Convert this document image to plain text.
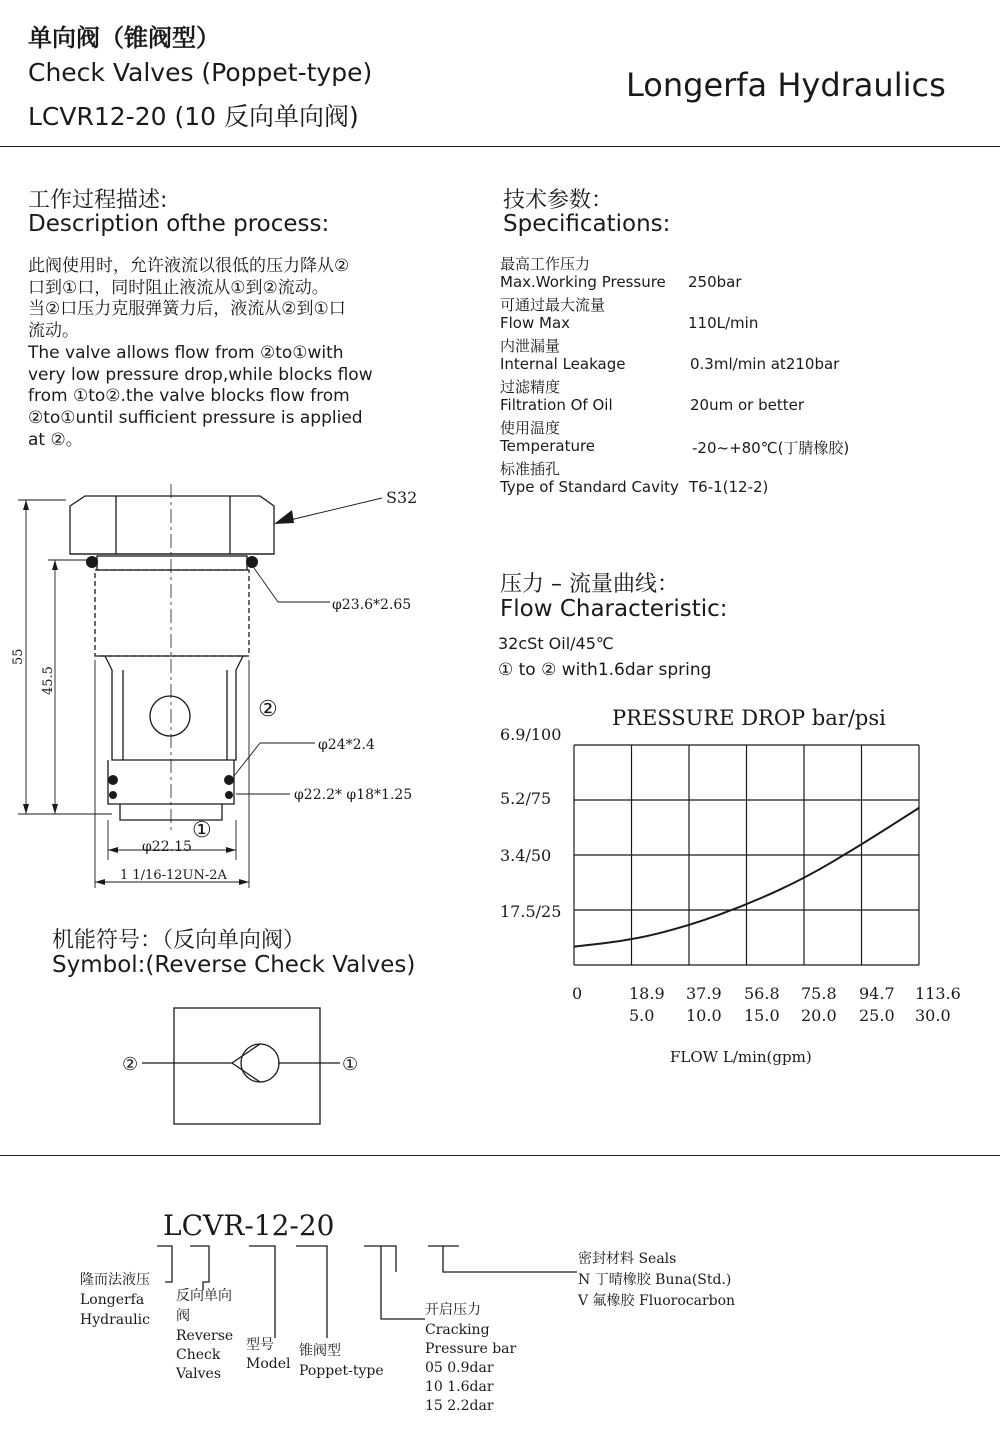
单向阀（锥阀型）
Check Valves (Poppet-type)
LCVR12-20 (10 反向单向阀)
Longerfa Hydraulics
工作过程描述:
Description ofthe process:
此阀使用时，允许液流以很低的压力降从②
口到①口，同时阻止液流从①到②流动。
当②口压力克服弹簧力后，液流从②到①口
流动。
The valve allows flow from ②to①with
very low pressure drop,while blocks flow
from ①to②.the valve blocks flow from
②to①until sufficient pressure is applied
at ②。
技术参数：
Specifications:
最高工作压力
Max.Working Pressure 250bar
可通过最大流量
Flow Max	110L/min
内泄漏量
Internal Leakage	0.3ml/min at210bar
过滤精度
Filtration Of Oil	20um or better
使用温度
Temperature	-20~+80℃(丁腈橡胶)
标准插孔
Type of Standard Cavity T6-1(12-2)
S32
φ23.6*2.65
②
φ24*2.4
φ22.2* φ18*1.25
①
φ22.15
1 1/16-12UN-2A
55
45.5
机能符号：（反向单向阀）
Symbol:(Reverse Check Valves)
②	①
压力 – 流量曲线：
Flow Characteristic:
32cSt Oil/45℃
① to ② with1.6dar spring
PRESSURE DROP bar/psi
FLOW L/min(gpm)
17.5/25
3.4/50
5.2/75
6.9/100
0	18.9
5.0
37.9
10.0
56.8
15.0
75.8
20.0
94.7
25.0
113.6
30.0
LCVR-12-20
隆而法液压
Longerfa
Hydraulic
反向单向
阀
Reverse
Check
Valves
型号
Model
锥阀型
Poppet-type
开启压力
Cracking
Pressure bar
05 0.9dar
10 1.6dar
15 2.2dar
密封材料 Seals
N 丁晴橡胶 Buna(Std.)
V 氟橡胶 Fluorocarbon
